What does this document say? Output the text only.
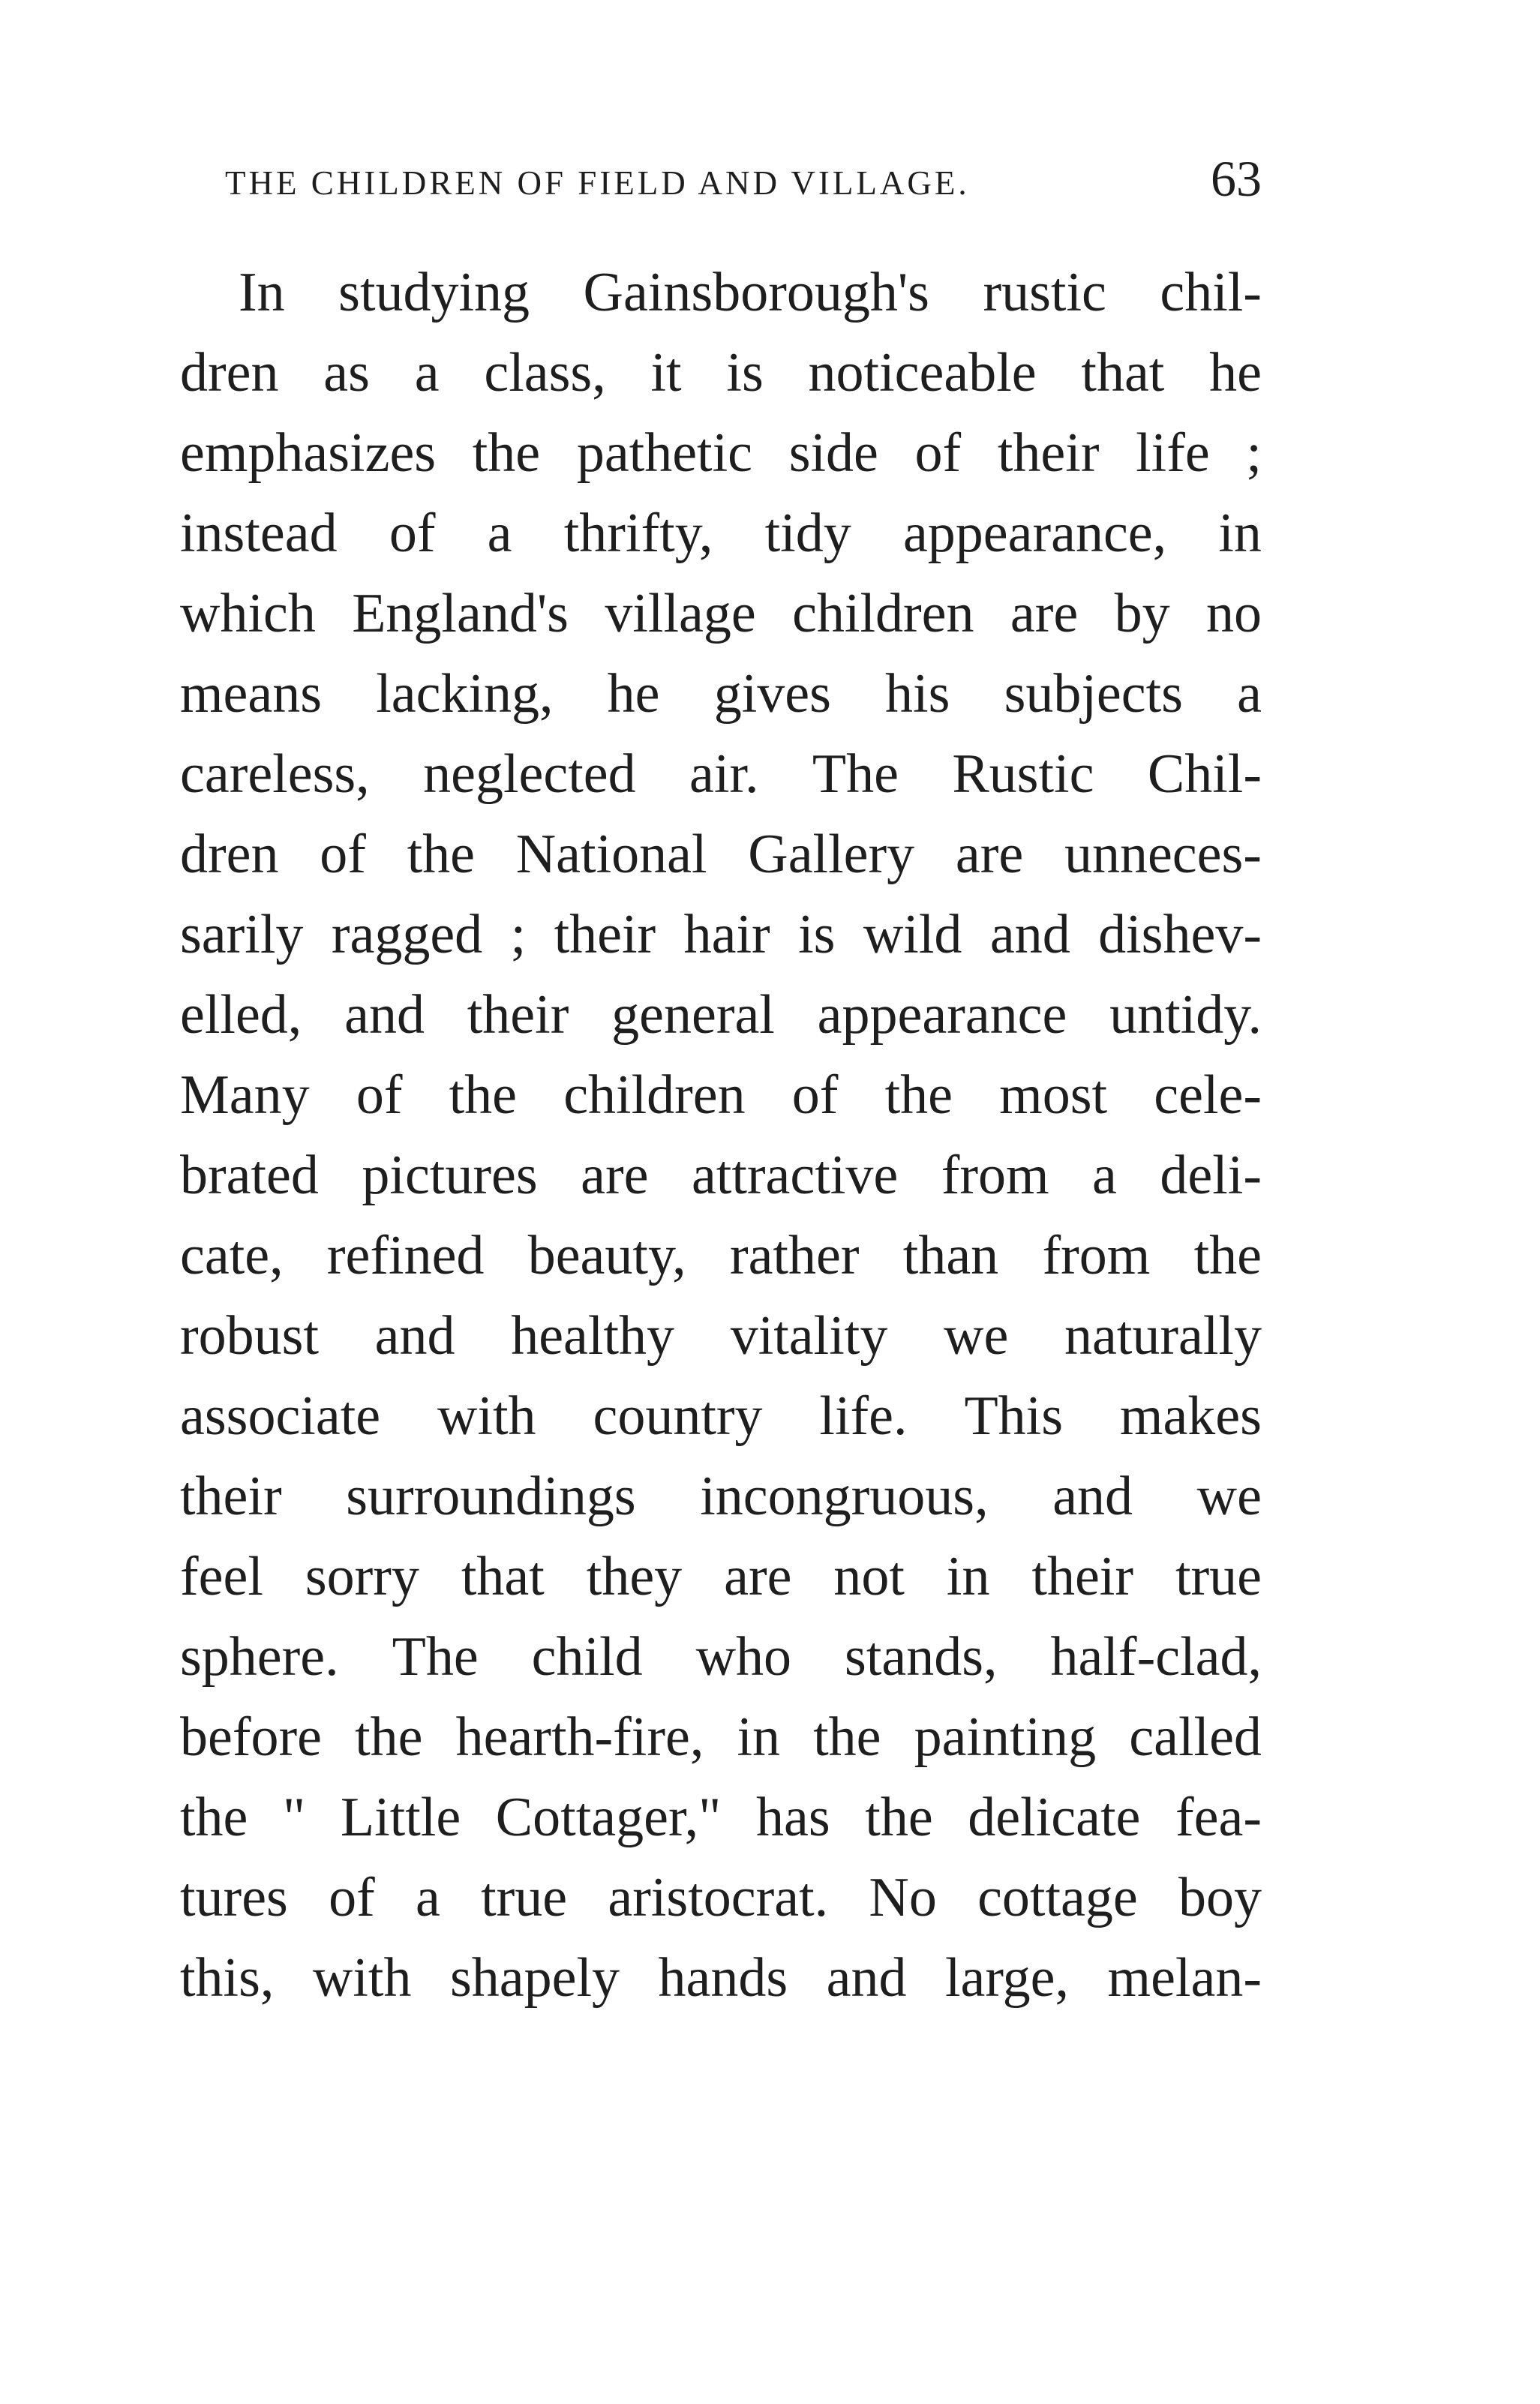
THE CHILDREN OF FIELD AND VILLAGE.	63
In studying Gainsborough's rustic chil-
dren as a class, it is noticeable that he
emphasizes the pathetic side of their life ;
instead of a thrifty, tidy appearance, in
which England's village children are by no
means lacking, he gives his subjects a
careless, neglected air. The Rustic Chil-
dren of the National Gallery are unneces-
sarily ragged ; their hair is wild and dishev-
elled, and their general appearance untidy.
Many of the children of the most cele-
brated pictures are attractive from a deli-
cate, refined beauty, rather than from the
robust and healthy vitality we naturally
associate with country life. This makes
their surroundings incongruous, and we
feel sorry that they are not in their true
sphere. The child who stands, half-clad,
before the hearth-fire, in the painting called
the " Little Cottager," has the delicate fea-
tures of a true aristocrat. No cottage boy
this, with shapely hands and large, melan-
